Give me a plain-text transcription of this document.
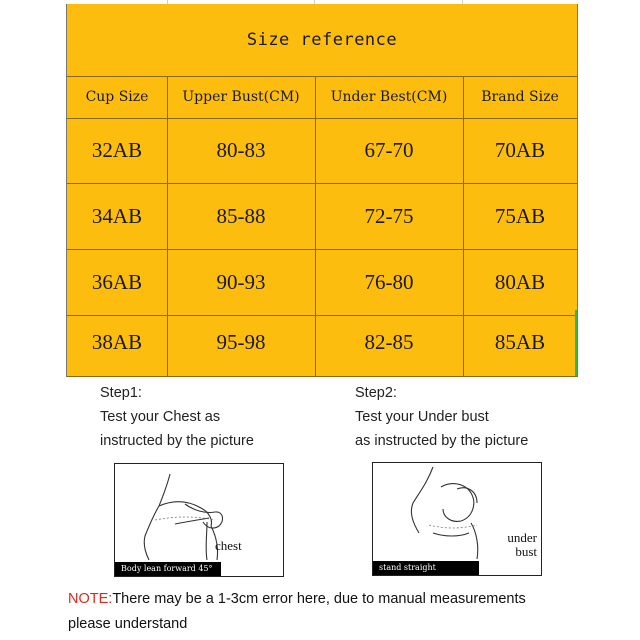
Size reference
Cup Size	Upper Bust(CM)	Under Best(CM)	Brand Size
32AB	80-83	67-70	70AB
34AB	85-88	72-75	75AB
36AB	90-93	76-80	80AB
38AB	95-98	82-85	85AB
Step1:
Test your Chest as
instructed by the picture
chest
Body lean forward 45°
Step2:
Test your Under bust
as instructed by the picture
under
bust
stand straight
NOTE:There may be a 1-3cm error here, due to manual measurements
please understand
